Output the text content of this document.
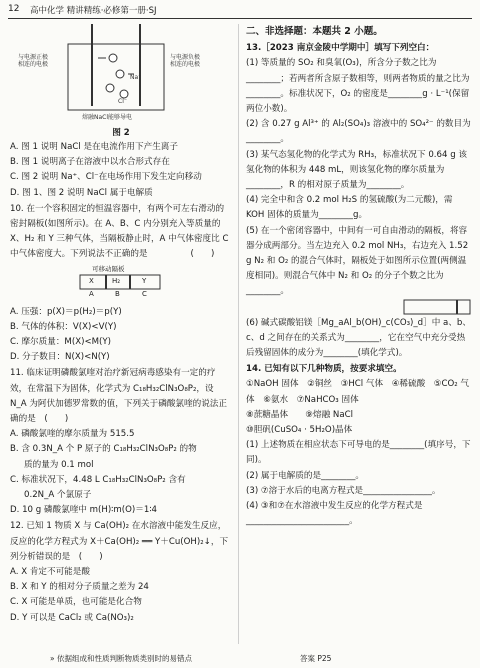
12 高中化学 精讲精练·必修第一册·SJ
与电源正极
相连的电极
与电源负极
相连的电极
Na⁺
Cl⁻
熔融NaCl能够导电
图 2

A. 图 1 说明 NaCl 是在电流作用下产生离子

B. 图 1 说明离子在溶液中以水合形式存在

C. 图 2 说明 Na⁺、Cl⁻在电场作用下发生定向移动

D. 图 1、图 2 说明 NaCl 属于电解质

10. 在一个容积固定的恒温容器中，有两个可左右滑动的密封隔板(如图所示)。在 A、B、C 内分别充入等质量的 X、H₂ 和 Y 三种气体，当隔板静止时，A 中气体密度比 C 中气体密度大。下列说法不正确的是　　　　　(　　)

可移动隔板
X	H₂	Y
A	B	C

A. 压强：p(X)＝p(H₂)＝p(Y)

B. 气体的体积：V(X)<V(Y)

C. 摩尔质量：M(X)<M(Y)

D. 分子数目：N(X)<N(Y)

11. 临床证明磷酸氯喹对治疗新冠病毒感染有一定的疗效，在常温下为固体，化学式为 C₁₈H₃₂ClN₃O₈P₂，设 N_A 为阿伏加德罗常数的值，下列关于磷酸氯喹的说法正确的是　(　　)

A. 磷酸氯喹的摩尔质量为 515.5

B. 含 0.3N_A 个 P 原子的 C₁₈H₃₂ClN₃O₈P₂ 的物

质的量为 0.1 mol

C. 标准状况下，4.48 L C₁₈H₃₂ClN₃O₈P₂ 含有

0.2N_A 个氯原子

D. 10 g 磷酸氯喹中 m(H)∶m(O)＝1∶4

12. 已知 1 物质 X 与 Ca(OH)₂ 在水溶液中能发生反应，反应的化学方程式为 X＋Ca(OH)₂ ══ Y＋Cu(OH)₂↓，下列分析错误的是　(　　)

A. X 肯定不可能是酸

B. X 和 Y 的相对分子质量之差为 24

C. X 可能是单质，也可能是化合物

D. Y 可以是 CaCl₂ 或 Ca(NO₃)₂

二、非选择题：本题共 2 小题。

13.［2023 南京金陵中学期中］填写下列空白：

(1) 等质量的 SO₂ 和臭氧(O₃)，所含分子数之比为________；若两者所含原子数相等，则两者物质的量之比为________。标准状况下，O₂ 的密度是________g · L⁻¹(保留两位小数)。

(2) 含 0.27 g Al³⁺ 的 Al₂(SO₄)₃ 溶液中的 SO₄²⁻ 的数目为________。

(3) 某气态氢化物的化学式为 RH₃，标准状况下 0.64 g 该氢化物的体积为 448 mL，则该氢化物的摩尔质量为________，R 的相对原子质量为________。

(4) 完全中和含 0.2 mol H₂S 的氢硫酸(为二元酸)，需 KOH 固体的质量为________g。

(5) 在一个密闭容器中，中间有一可自由滑动的隔板，将容器分成两部分。当左边充入 0.2 mol NH₃，右边充入 1.52 g N₂ 和 O₂ 的混合气体时，隔板处于如图所示位置(两侧温度相同)。则混合气体中 N₂ 和 O₂ 的分子个数之比为________。

(6) 碱式碳酸铝镁［Mg_aAl_b(OH)_c(CO₃)_d］中 a、b、c、d 之间存在的关系式为________，它在空气中充分受热后残留固体的成分为________(填化学式)。

14. 已知有以下几种物质，按要求填空。

①NaOH 固体　②铜丝　③HCl 气体　④稀硫酸　⑤CO₂ 气体　⑥氨水　⑦NaHCO₃ 固体

⑧蔗糖晶体　　⑨熔融 NaCl

⑩胆矾(CuSO₄ · 5H₂O)晶体

(1) 上述物质在相应状态下可导电的是________(填序号，下同)。

(2) 属于电解质的是________。

(3) ⑦溶于水后的电离方程式是________________。

(4) ③和⑦在水溶液中发生反应的化学方程式是________________________。

» 依据组成和性质判断物质类别时的易错点	答案 P25
